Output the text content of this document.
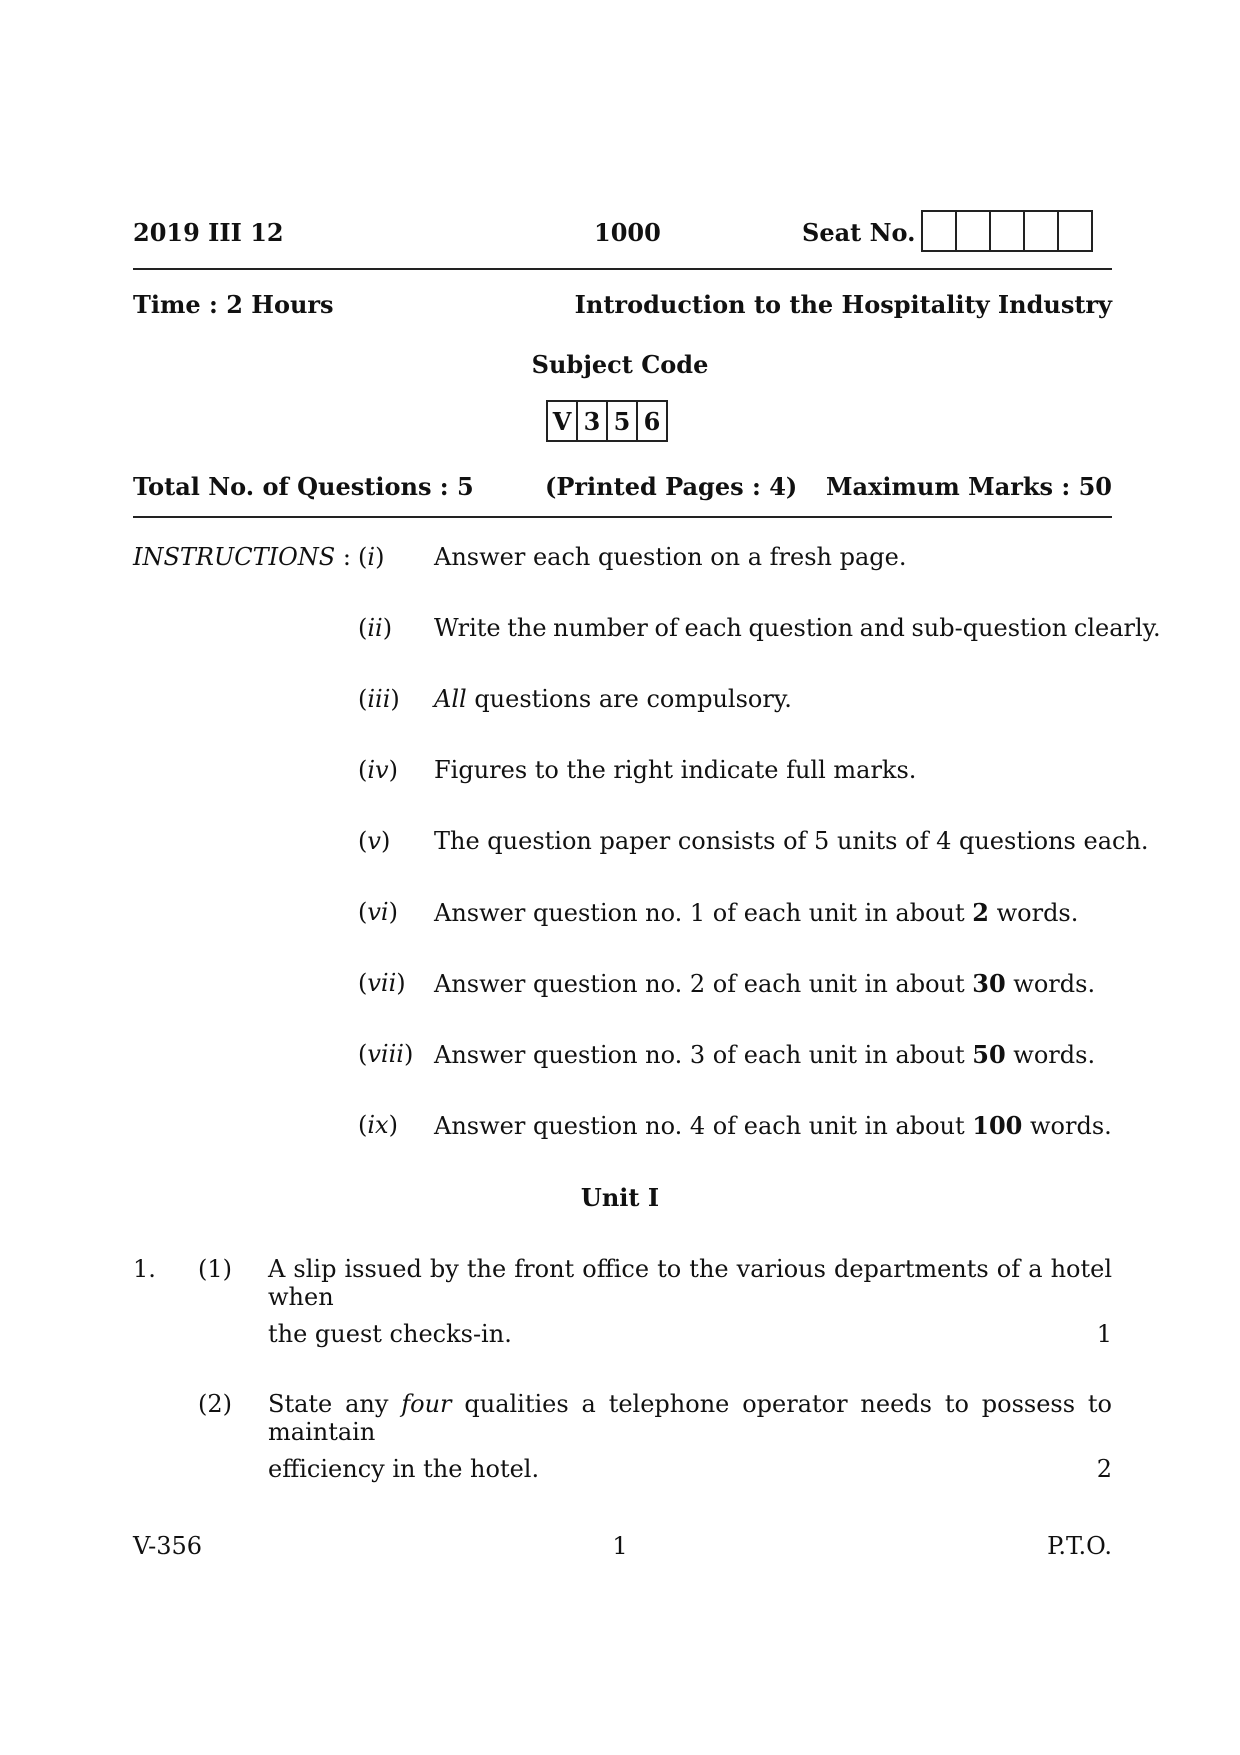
2019 III 12	1000	Seat No.
Time : 2 Hours	Introduction to the Hospitality Industry
Subject Code
V 3 5 6
Total No. of Questions : 5	(Printed Pages : 4) Maximum Marks : 50
INSTRUCTIONS : (i) Answer each question on a fresh page.
(ii) Write the number of each question and sub-question clearly.
(iii) All questions are compulsory.
(iv) Figures to the right indicate full marks.
(v) The question paper consists of 5 units of 4 questions each.
(vi) Answer question no. 1 of each unit in about 2 words.
(vii) Answer question no. 2 of each unit in about 30 words.
(viii) Answer question no. 3 of each unit in about 50 words.
(ix) Answer question no. 4 of each unit in about 100 words.
Unit I
1. (1) A slip issued by the front office to the various departments of a hotel when
the guest checks-in.	1
(2) State any four qualities a telephone operator needs to possess to maintain
efficiency in the hotel.	2
V-356	1	P.T.O.
